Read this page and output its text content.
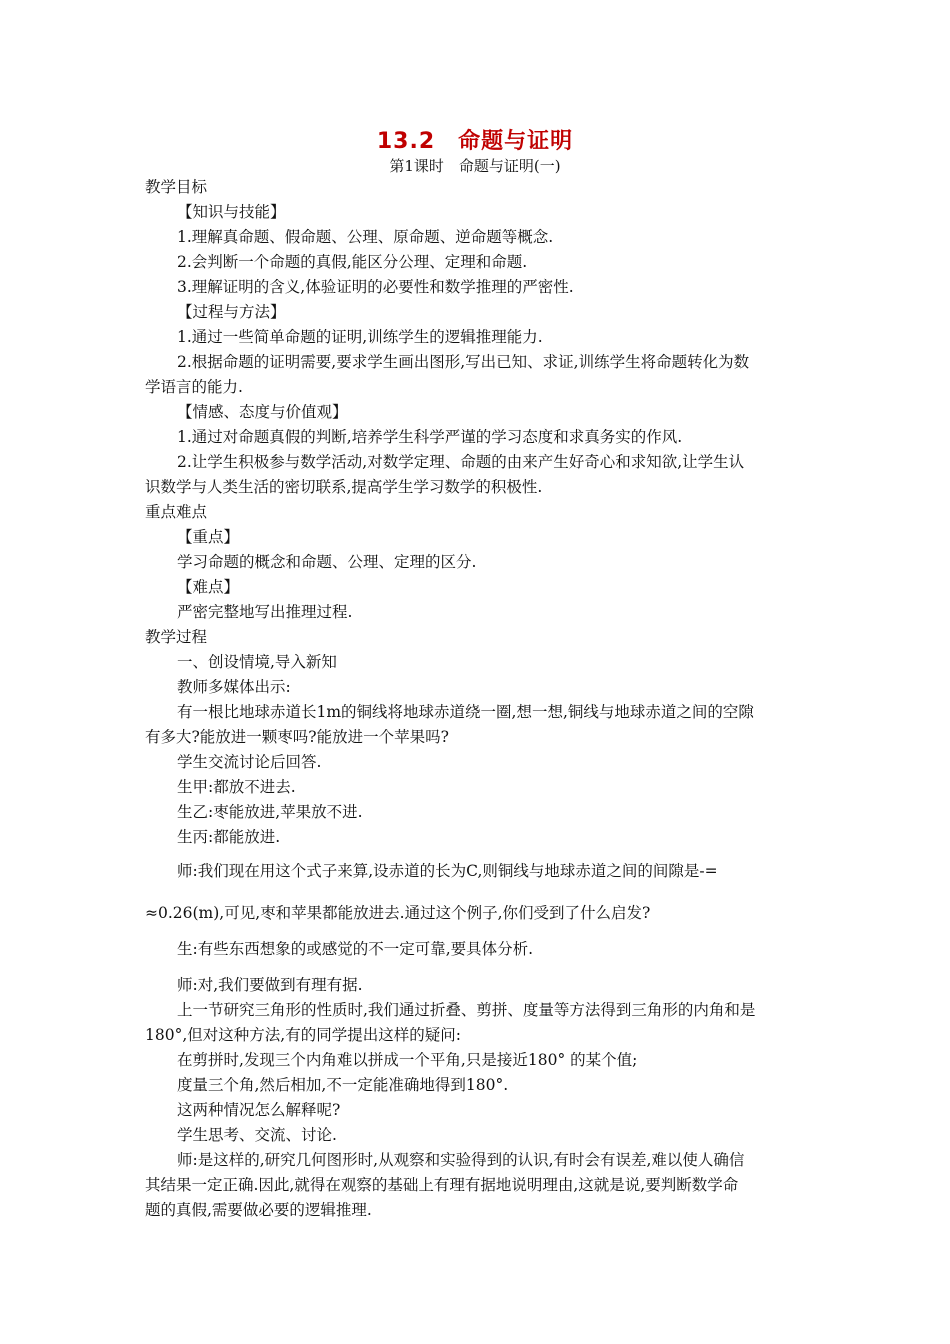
13.2　命题与证明
第1课时　命题与证明(一)
教学目标
【知识与技能】
1.理解真命题、假命题、公理、原命题、逆命题等概念.
2.会判断一个命题的真假,能区分公理、定理和命题.
3.理解证明的含义,体验证明的必要性和数学推理的严密性.
【过程与方法】
1.通过一些简单命题的证明,训练学生的逻辑推理能力.
2.根据命题的证明需要,要求学生画出图形,写出已知、求证,训练学生将命题转化为数
学语言的能力.
【情感、态度与价值观】
1.通过对命题真假的判断,培养学生科学严谨的学习态度和求真务实的作风.
2.让学生积极参与数学活动,对数学定理、命题的由来产生好奇心和求知欲,让学生认
识数学与人类生活的密切联系,提高学生学习数学的积极性.
重点难点
【重点】
学习命题的概念和命题、公理、定理的区分.
【难点】
严密完整地写出推理过程.
教学过程
一、创设情境,导入新知
教师多媒体出示:
有一根比地球赤道长1m的铜线将地球赤道绕一圈,想一想,铜线与地球赤道之间的空隙
有多大?能放进一颗枣吗?能放进一个苹果吗?
学生交流讨论后回答.
生甲:都放不进去.
生乙:枣能放进,苹果放不进.
生丙:都能放进.
师:我们现在用这个式子来算,设赤道的长为C,则铜线与地球赤道之间的间隙是-=
≈0.26(m),可见,枣和苹果都能放进去.通过这个例子,你们受到了什么启发?
生:有些东西想象的或感觉的不一定可靠,要具体分析.
师:对,我们要做到有理有据.
上一节研究三角形的性质时,我们通过折叠、剪拼、度量等方法得到三角形的内角和是
180°,但对这种方法,有的同学提出这样的疑问:
在剪拼时,发现三个内角难以拼成一个平角,只是接近180° 的某个值;
度量三个角,然后相加,不一定能准确地得到180°.
这两种情况怎么解释呢?
学生思考、交流、讨论.
师:是这样的,研究几何图形时,从观察和实验得到的认识,有时会有误差,难以使人确信
其结果一定正确.因此,就得在观察的基础上有理有据地说明理由,这就是说,要判断数学命
题的真假,需要做必要的逻辑推理.
